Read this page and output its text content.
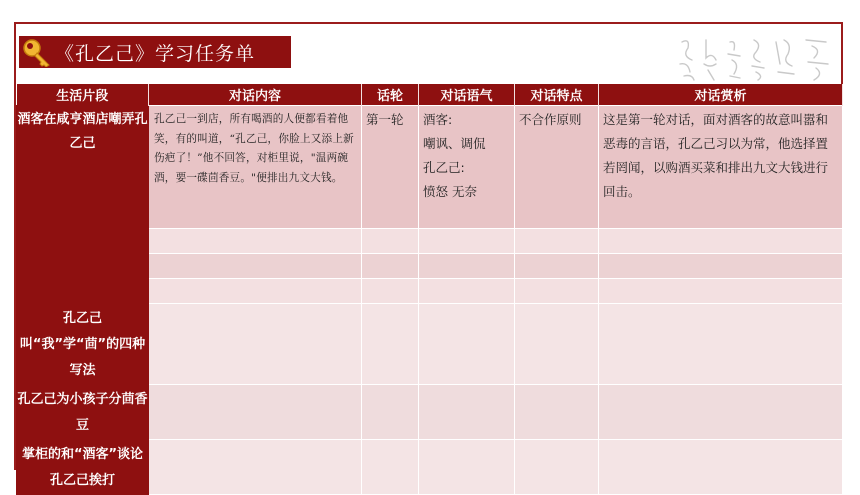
《孔乙己》学习任务单
生活片段	对话内容	话轮	对话语气	对话特点	对话赏析
酒客在咸亨酒店嘲弄孔乙己	孔乙己一到店，所有喝酒的人便都看着他笑，有的叫道，“孔乙己，你脸上又添上新伤疤了！”他不回答，对柜里说，"温两碗酒，要一碟茴香豆。"便排出九文大钱。	第一轮	酒客:
嘲讽、调侃
孔乙己:
愤怒 无奈	不合作原则	这是第一轮对话，面对酒客的故意叫嚣和恶毒的言语，孔乙己习以为常，他选择置若罔闻，以购酒买菜和排出九文大钱进行回击。

孔乙己叫“我”学“茴”的四种写法					
孔乙己为小孩子分茴香豆					
掌柜的和“酒客”谈论孔乙己挨打					
